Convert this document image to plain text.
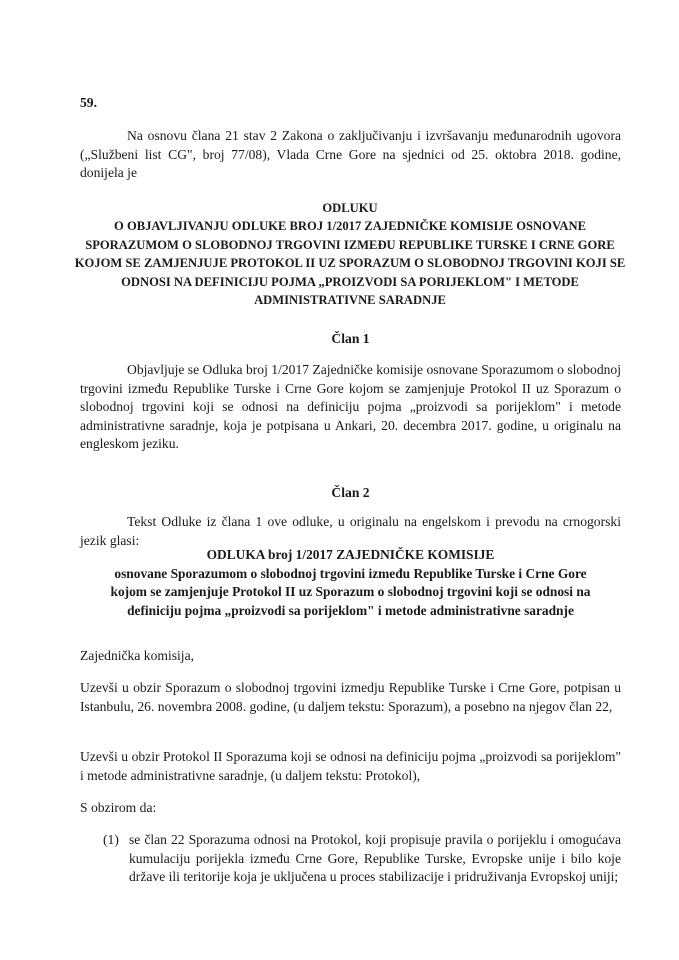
59.
Na osnovu člana 21 stav 2 Zakona o zaključivanju i izvršavanju međunarodnih ugovora („Službeni list CG", broj 77/08), Vlada Crne Gore na sjednici od 25. oktobra 2018. godine, donijela je
ODLUKU
O OBJAVLJIVANJU ODLUKE BROJ 1/2017 ZAJEDNIČKE KOMISIJE OSNOVANE SPORAZUMOM O SLOBODNOJ TRGOVINI IZMEĐU REPUBLIKE TURSKE I CRNE GORE KOJOM SE ZAMJENJUJE PROTOKOL II UZ SPORAZUM O SLOBODNOJ TRGOVINI KOJI SE ODNOSI NA DEFINICIJU POJMA „PROIZVODI SA PORIJEKLOM" I METODE ADMINISTRATIVNE SARADNJE
Član 1
Objavljuje se Odluka broj 1/2017 Zajedničke komisije osnovane Sporazumom o slobodnoj trgovini između Republike Turske i Crne Gore kojom se zamjenjuje Protokol II uz Sporazum o slobodnoj trgovini koji se odnosi na definiciju pojma „proizvodi sa porijeklom" i metode administrativne saradnje, koja je potpisana u Ankari, 20. decembra 2017. godine, u originalu na engleskom jeziku.
Član 2
Tekst Odluke iz člana 1 ove odluke, u originalu na engelskom i prevodu na crnogorski jezik glasi:
ODLUKA broj 1/2017 ZAJEDNIČKE KOMISIJE
osnovane Sporazumom o slobodnoj trgovini između Republike Turske i Crne Gore kojom se zamjenjuje Protokol II uz Sporazum o slobodnoj trgovini koji se odnosi na definiciju pojma „proizvodi sa porijeklom" i metode administrativne saradnje
Zajednička komisija,
Uzevši u obzir Sporazum o slobodnoj trgovini izmedju Republike Turske i Crne Gore, potpisan u Istanbulu, 26. novembra 2008. godine, (u daljem tekstu: Sporazum), a posebno na njegov član 22,
Uzevši u obzir Protokol II Sporazuma koji se odnosi na definiciju pojma „proizvodi sa porijeklom" i metode administrativne saradnje, (u daljem tekstu: Protokol),
S obzirom da:
(1) se član 22 Sporazuma odnosi na Protokol, koji propisuje pravila o porijeklu i omogućava kumulaciju porijekla između Crne Gore, Republike Turske, Evropske unije i bilo koje države ili teritorije koja je uključena u proces stabilizacije i pridruživanja Evropskoj uniji;
